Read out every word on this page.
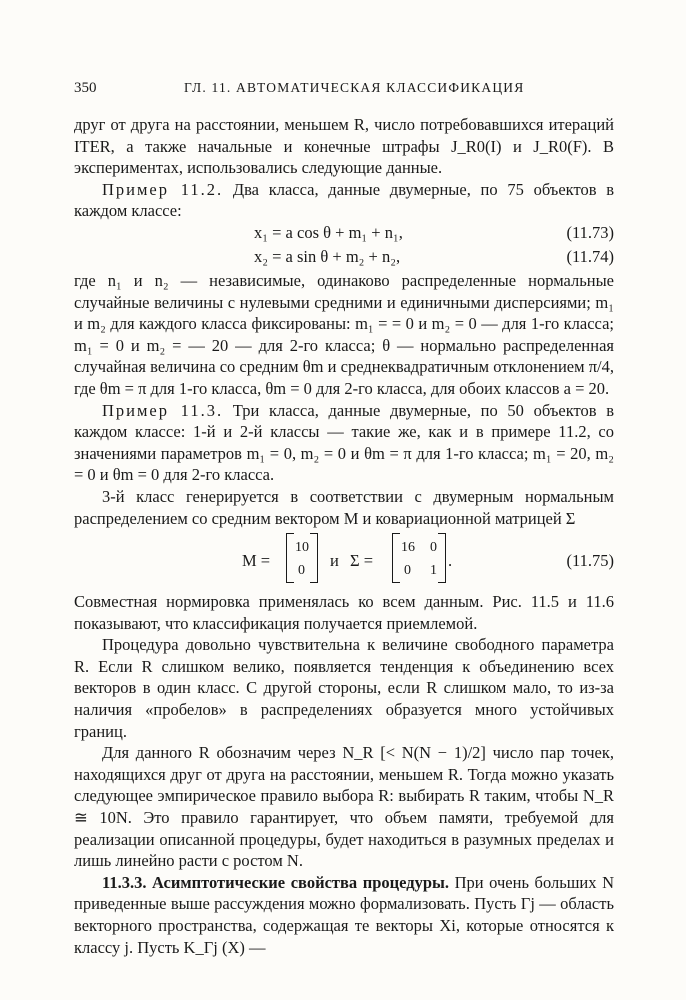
350	ГЛ. 11. АВТОМАТИЧЕСКАЯ КЛАССИФИКАЦИЯ

друг от друга на расстоянии, меньшем R, число потребовавшихся итераций ITER, а также начальные и конечные штрафы J_R0(I) и J_R0(F). В экспериментах, использовались следующие данные.

Пример 11.2. Два класса, данные двумерные, по 75 объектов в каждом классе:

x₁ = a cos θ + m₁ + n₁,	(11.73)
x₂ = a sin θ + m₂ + n₂,	(11.74)

где n₁ и n₂ — независимые, одинаково распределенные нормальные случайные величины с нулевыми средними и единичными дисперсиями; m₁ и m₂ для каждого класса фиксированы: m₁ = = 0 и m₂ = 0 — для 1-го класса; m₁ = 0 и m₂ = — 20 — для 2-го класса; θ — нормально распределенная случайная величина со средним θm и среднеквадратичным отклонением π/4, где θm = π для 1-го класса, θm = 0 для 2-го класса, для обоих классов a = 20.

Пример 11.3. Три класса, данные двумерные, по 50 объектов в каждом классе: 1-й и 2-й классы — такие же, как и в примере 11.2, со значениями параметров m₁ = 0, m₂ = 0 и θm = π для 1-го класса; m₁ = 20, m₂ = 0 и θm = 0 для 2-го класса.

3-й класс генерируется в соответствии с двумерным нормальным распределением со средним вектором M и ковариационной матрицей Σ

M =
10
0
и Σ =
16 0
0 1
.	(11.75)

Совместная нормировка применялась ко всем данным. Рис. 11.5 и 11.6 показывают, что классификация получается приемлемой.

Процедура довольно чувствительна к величине свободного параметра R. Если R слишком велико, появляется тенденция к объединению всех векторов в один класс. С другой стороны, если R слишком мало, то из-за наличия «пробелов» в распределениях образуется много устойчивых границ.

Для данного R обозначим через N_R [< N(N − 1)/2] число пар точек, находящихся друг от друга на расстоянии, меньшем R. Тогда можно указать следующее эмпирическое правило выбора R: выбирать R таким, чтобы N_R ≅ 10N. Это правило гарантирует, что объем памяти, требуемой для реализации описанной процедуры, будет находиться в разумных пределах и лишь линейно расти с ростом N.

11.3.3. Асимптотические свойства процедуры. При очень больших N приведенные выше рассуждения можно формализовать. Пусть Γj — область векторного пространства, содержащая те векторы Xi, которые относятся к классу j. Пусть K_Γj (X) —
